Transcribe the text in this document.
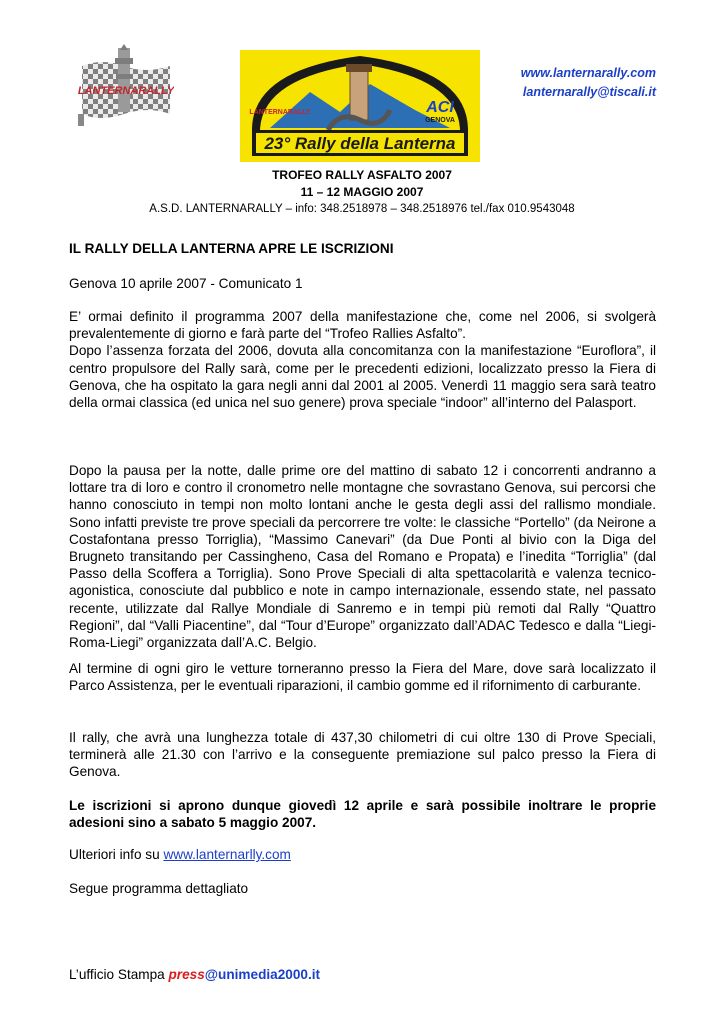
LANTERNARALLY
LANTERNARALLY	ACI
GENOVA
23° Rally della Lanterna
www.lanternarally.com
lanternarally@tiscali.it
TROFEO RALLY ASFALTO 2007
11 – 12 MAGGIO 2007
A.S.D. LANTERNARALLY – info: 348.2518978 – 348.2518976 tel./fax 010.9543048
IL RALLY DELLA LANTERNA APRE LE ISCRIZIONI
Genova 10 aprile 2007 - Comunicato 1

E’ ormai definito il programma 2007 della manifestazione che, come nel 2006, si svolgerà prevalentemente di giorno e farà parte del “Trofeo Rallies Asfalto”.

Dopo l’assenza forzata del 2006, dovuta alla concomitanza con la manifestazione “Euroflora”, il centro propulsore del Rally sarà, come per le precedenti edizioni, localizzato presso la Fiera di Genova, che ha ospitato la gara negli anni dal 2001 al 2005. Venerdì 11 maggio sera sarà teatro della ormai classica (ed unica nel suo genere) prova speciale “indoor” all’interno del Palasport.

Dopo la pausa per la notte, dalle prime ore del mattino di sabato 12 i concorrenti andranno a lottare tra di loro e contro il cronometro nelle montagne che sovrastano Genova, sui percorsi che hanno conosciuto in tempi non molto lontani anche le gesta degli assi del rallismo mondiale. Sono infatti previste tre prove speciali da percorrere tre volte: le classiche “Portello” (da Neirone a Costafontana presso Torriglia), “Massimo Canevari” (da Due Ponti al bivio con la Diga del Brugneto transitando per Cassingheno, Casa del Romano e Propata) e l’inedita “Torriglia” (dal Passo della Scoffera a Torriglia). Sono Prove Speciali di alta spettacolarità e valenza tecnico-agonistica, conosciute dal pubblico e note in campo internazionale, essendo state, nel passato recente, utilizzate dal Rallye Mondiale di Sanremo e in tempi più remoti dal Rally “Quattro Regioni”, dal “Valli Piacentine”, dal “Tour d’Europe” organizzato dall’ADAC Tedesco e dalla “Liegi-Roma-Liegi” organizzata dall’A.C. Belgio.
Al termine di ogni giro le vetture torneranno presso la Fiera del Mare, dove sarà localizzato il Parco Assistenza, per le eventuali riparazioni, il cambio gomme ed il rifornimento di carburante.
Il rally, che avrà una lunghezza totale di 437,30 chilometri di cui oltre 130 di Prove Speciali, terminerà alle 21.30 con l’arrivo e la conseguente premiazione sul palco presso la Fiera di Genova.
Le iscrizioni si aprono dunque giovedì 12 aprile e sarà possibile inoltrare le proprie adesioni sino a sabato 5 maggio 2007.
Ulteriori info su www.lanternarlly.com
Segue programma dettagliato
L’ufficio Stampa press@unimedia2000.it
